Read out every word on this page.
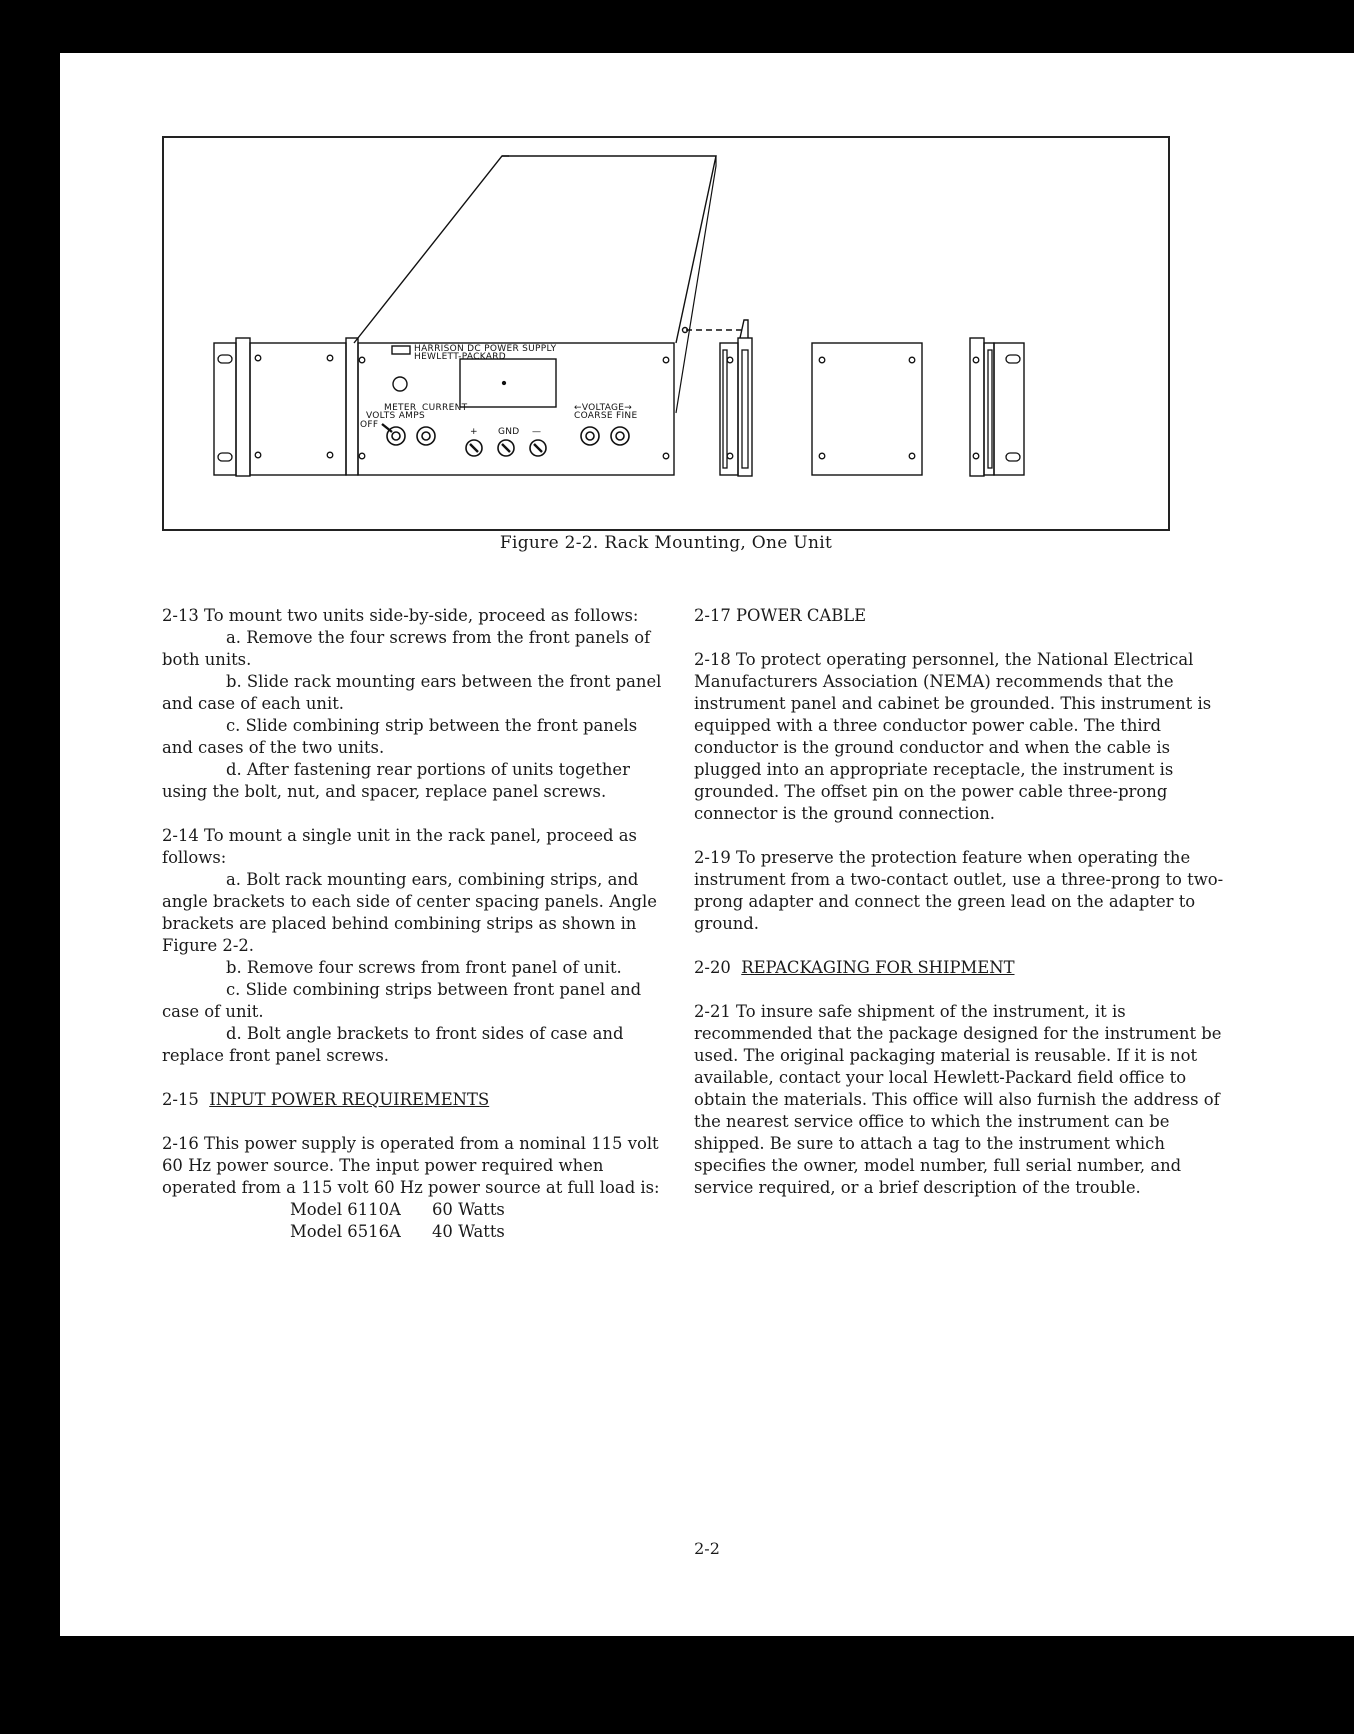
HARRISON DC POWER SUPPLY
HEWLETT-PACKARD
METER CURRENT
VOLTS AMPS
OFF
+ GND —
←VOLTAGE→
COARSE FINE
Figure 2-2. Rack Mounting, One Unit

2-13 To mount two units side-by-side, proceed as follows:

a. Remove the four screws from the front panels of both units.

b. Slide rack mounting ears between the front panel and case of each unit.

c. Slide combining strip between the front panels and cases of the two units.

d. After fastening rear portions of units together using the bolt, nut, and spacer, replace panel screws.

2-14 To mount a single unit in the rack panel, proceed as follows:

a. Bolt rack mounting ears, combining strips, and angle brackets to each side of center spacing panels. Angle brackets are placed behind combining strips as shown in Figure 2-2.

b. Remove four screws from front panel of unit.

c. Slide combining strips between front panel and case of unit.

d. Bolt angle brackets to front sides of case and replace front panel screws.

2-15 INPUT POWER REQUIREMENTS

2-16 This power supply is operated from a nominal 115 volt 60 Hz power source. The input power required when operated from a 115 volt 60 Hz power source at full load is:

Model 6110A	60 Watts
Model 6516A	40 Watts

2-17 POWER CABLE

2-18 To protect operating personnel, the National Electrical Manufacturers Association (NEMA) recommends that the instrument panel and cabinet be grounded. This instrument is equipped with a three conductor power cable. The third conductor is the ground conductor and when the cable is plugged into an appropriate receptacle, the instrument is grounded. The offset pin on the power cable three-prong connector is the ground connection.

2-19 To preserve the protection feature when operating the instrument from a two-contact outlet, use a three-prong to two-prong adapter and connect the green lead on the adapter to ground.

2-20 REPACKAGING FOR SHIPMENT

2-21 To insure safe shipment of the instrument, it is recommended that the package designed for the instrument be used. The original packaging material is reusable. If it is not available, contact your local Hewlett-Packard field office to obtain the materials. This office will also furnish the address of the nearest service office to which the instrument can be shipped. Be sure to attach a tag to the instrument which specifies the owner, model number, full serial number, and service required, or a brief description of the trouble.

2-2
